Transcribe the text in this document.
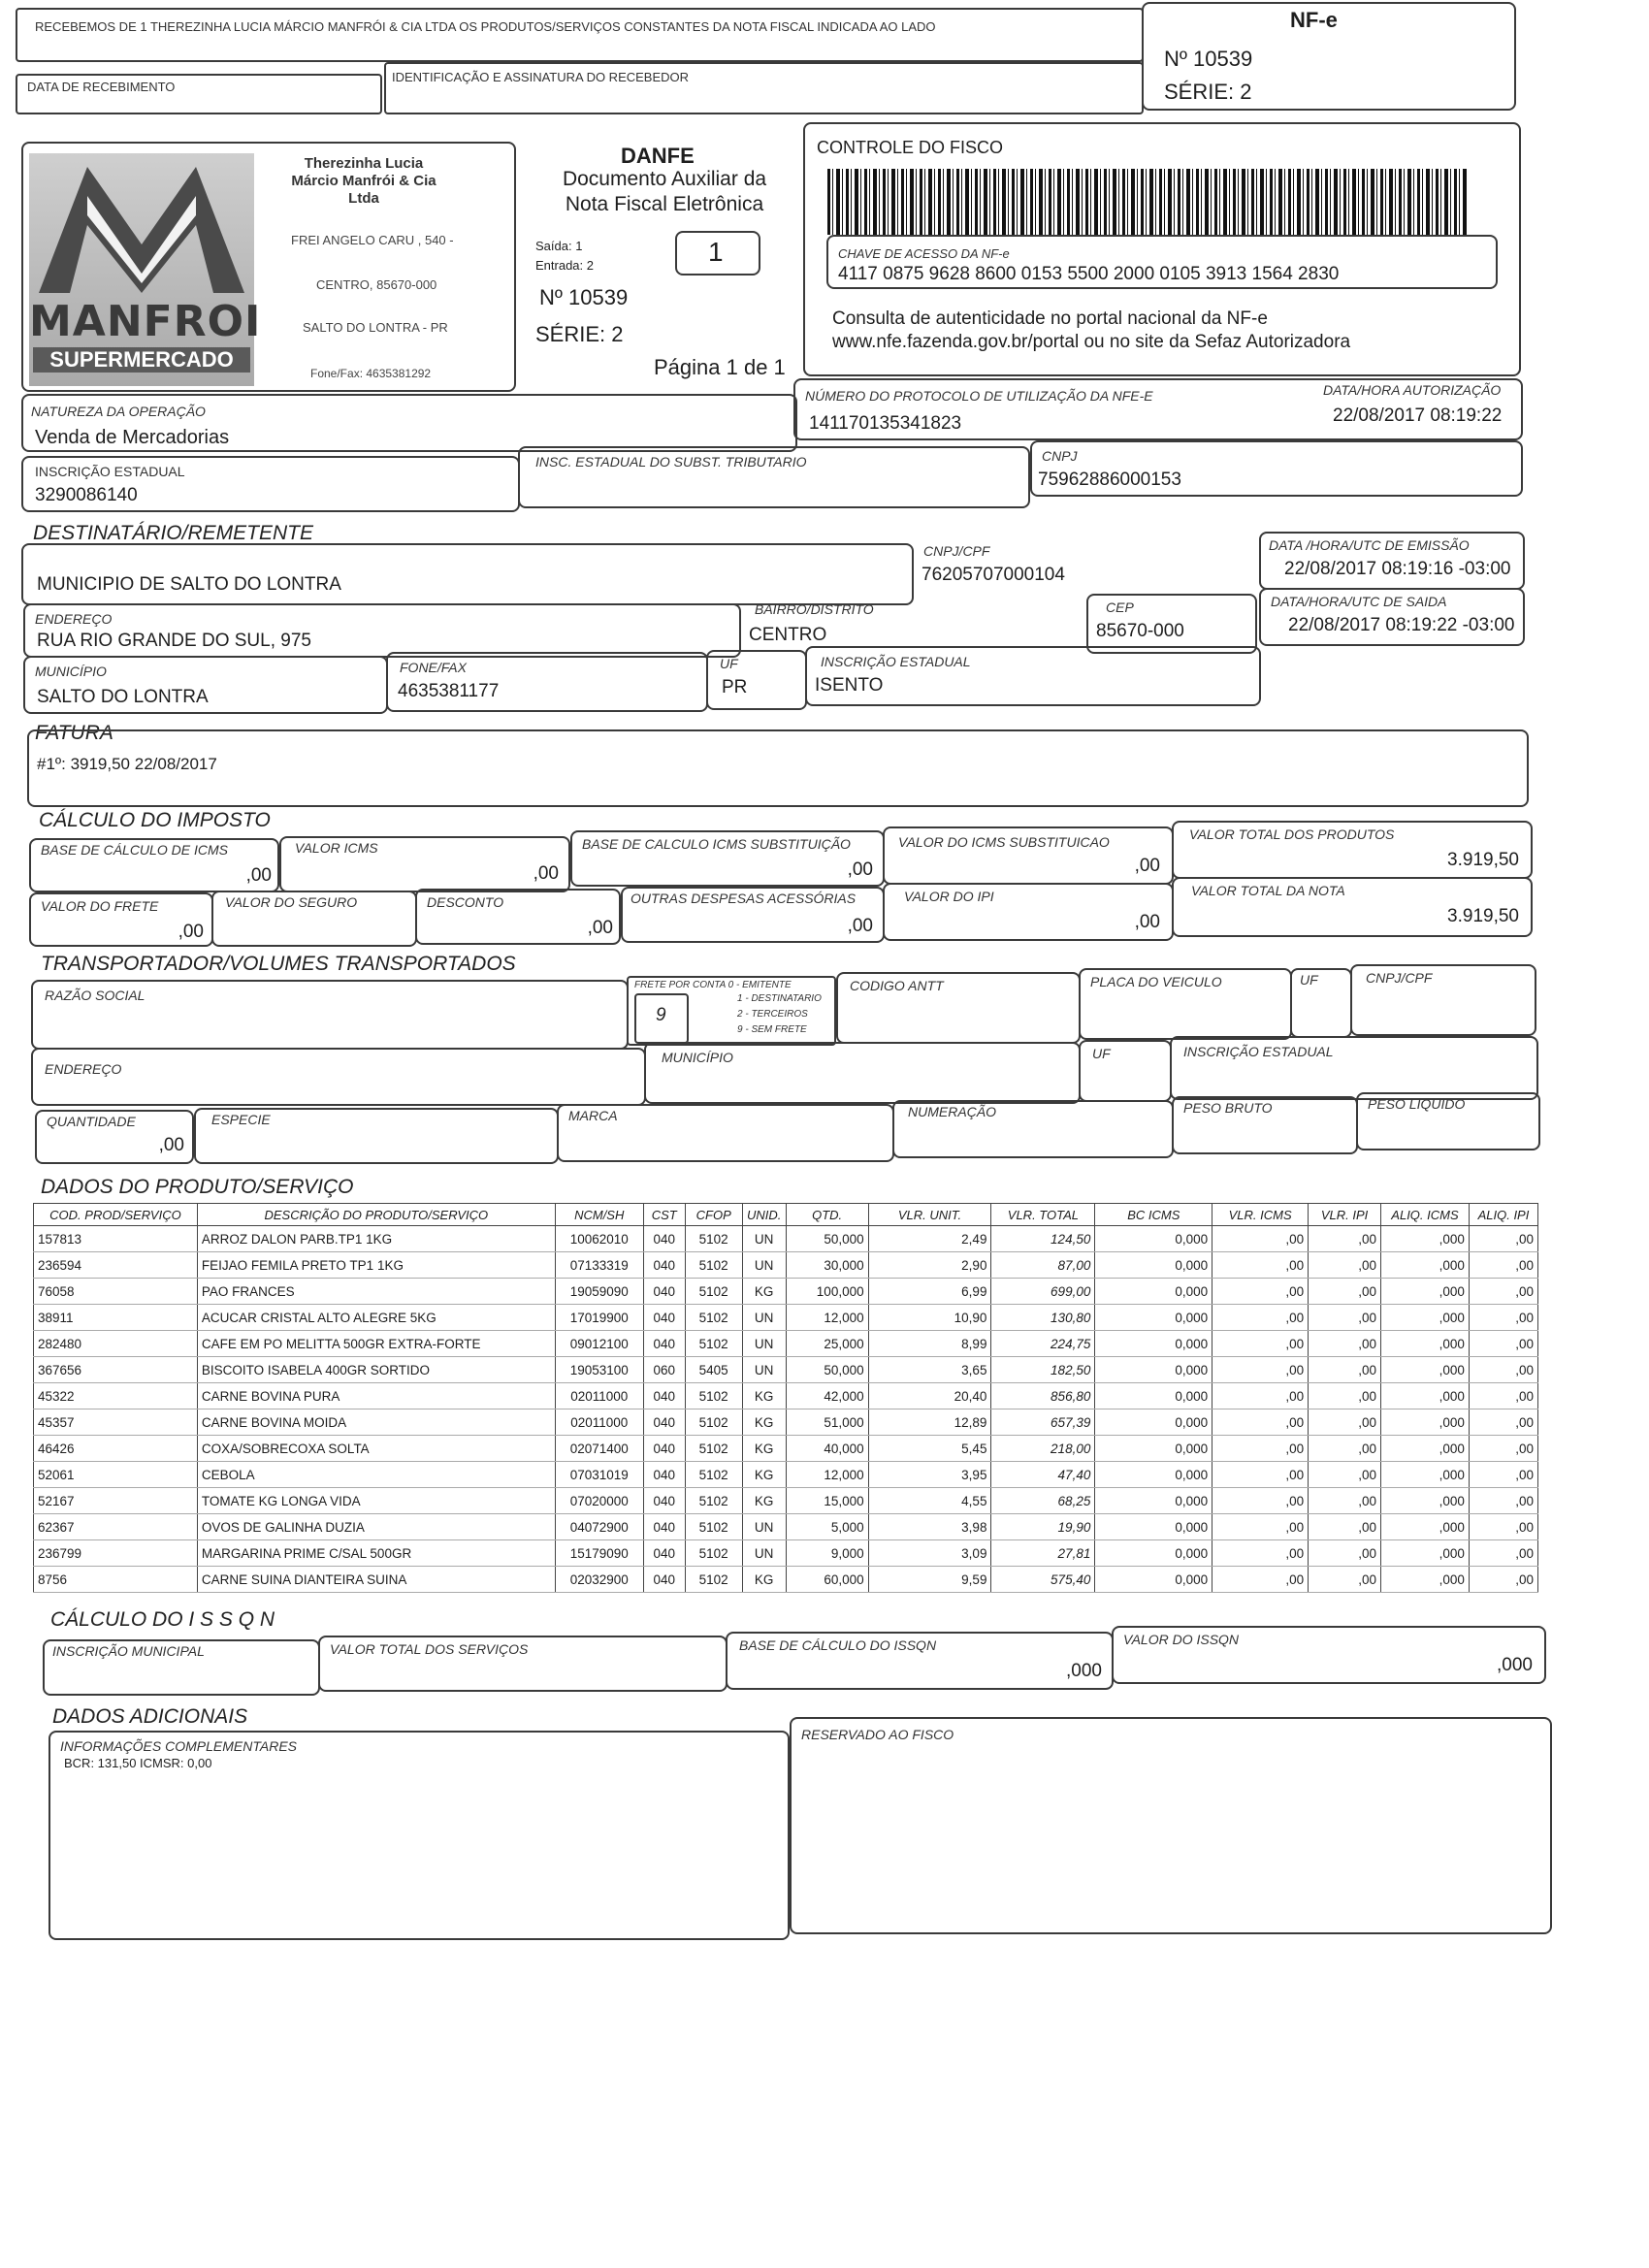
RECEBEMOS DE 1 THEREZINHA LUCIA MÁRCIO MANFRÓI & CIA LTDA OS PRODUTOS/SERVIÇOS CONSTANTES DA NOTA FISCAL INDICADA AO LADO
DATA DE RECEBIMENTO
IDENTIFICAÇÃO E ASSINATURA DO RECEBEDOR
NF-e
Nº 10539
SÉRIE: 2
MANFROI
SUPERMERCADO
Therezinha Lucia Márcio Manfrói & Cia Ltda
FREI ANGELO CARU , 540 -
CENTRO, 85670-000
SALTO DO LONTRA - PR
Fone/Fax: 4635381292
DANFE
Documento Auxiliar da Nota Fiscal Eletrônica
Saída: 1
Entrada: 2	1
Nº 10539
SÉRIE: 2
Página 1 de 1
CONTROLE DO FISCO
CHAVE DE ACESSO DA NF-e
4117 0875 9628 8600 0153 5500 2000 0105 3913 1564 2830
Consulta de autenticidade no portal nacional da NF-e
www.nfe.fazenda.gov.br/portal ou no site da Sefaz Autorizadora
NATUREZA DA OPERAÇÃO
Venda de Mercadorias
NÚMERO DO PROTOCOLO DE UTILIZAÇÃO DA NFE-E
141170135341823
DATA/HORA AUTORIZAÇÃO
22/08/2017 08:19:22
INSCRIÇÃO ESTADUAL
3290086140
INSC. ESTADUAL DO SUBST. TRIBUTARIO	CNPJ
75962886000153
DESTINATÁRIO/REMETENTE
MUNICIPIO DE SALTO DO LONTRA
CNPJ/CPF
76205707000104
DATA /HORA/UTC DE EMISSÃO
22/08/2017 08:19:16 -03:00
ENDEREÇO
RUA RIO GRANDE DO SUL, 975
BAIRRO/DISTRITO
CENTRO
CEP
85670-000
DATA/HORA/UTC DE SAIDA
22/08/2017 08:19:22 -03:00
MUNICÍPIO
SALTO DO LONTRA
FONE/FAX
4635381177
UF
PR
INSCRIÇÃO ESTADUAL
ISENTO
FATURA
#1º: 3919,50 22/08/2017
CÁLCULO DO IMPOSTO
BASE DE CÁLCULO DE ICMS
,00
VALOR ICMS
,00
BASE DE CALCULO ICMS SUBSTITUIÇÃO
,00
VALOR DO ICMS SUBSTITUICAO
,00
VALOR TOTAL DOS PRODUTOS
3.919,50
VALOR DO FRETE
,00
VALOR DO SEGURO	DESCONTO
,00
OUTRAS DESPESAS ACESSÓRIAS
,00
VALOR DO IPI
,00
VALOR TOTAL DA NOTA
3.919,50
TRANSPORTADOR/VOLUMES TRANSPORTADOS
RAZÃO SOCIAL
FRETE POR CONTA 0 - EMITENTE
1 - DESTINATARIO
2 - TERCEIROS
9 - SEM FRETE
9
CODIGO ANTT	PLACA DO VEICULO	UF	CNPJ/CPF
ENDEREÇO
MUNICÍPIO	UF	INSCRIÇÃO ESTADUAL
QUANTIDADE
,00
ESPECIE	MARCA	NUMERAÇÃO	PESO BRUTO	PESO LIQUIDO
DADOS DO PRODUTO/SERVIÇO
COD. PROD/SERVIÇO	DESCRIÇÃO DO PRODUTO/SERVIÇO	NCM/SH	CST	CFOP	UNID.	QTD.	VLR. UNIT.	VLR. TOTAL	BC ICMS	VLR. ICMS	VLR. IPI	ALIQ. ICMS	ALIQ. IPI
157813	ARROZ DALON PARB.TP1 1KG	10062010	040	5102	UN	50,000	2,49	124,50	0,000	,00	,00	,000	,00
236594	FEIJAO FEMILA PRETO TP1 1KG	07133319	040	5102	UN	30,000	2,90	87,00	0,000	,00	,00	,000	,00
76058	PAO FRANCES	19059090	040	5102	KG	100,000	6,99	699,00	0,000	,00	,00	,000	,00
38911	ACUCAR CRISTAL ALTO ALEGRE 5KG	17019900	040	5102	UN	12,000	10,90	130,80	0,000	,00	,00	,000	,00
282480	CAFE EM PO MELITTA 500GR EXTRA-FORTE	09012100	040	5102	UN	25,000	8,99	224,75	0,000	,00	,00	,000	,00
367656	BISCOITO ISABELA 400GR SORTIDO	19053100	060	5405	UN	50,000	3,65	182,50	0,000	,00	,00	,000	,00
45322	CARNE BOVINA PURA	02011000	040	5102	KG	42,000	20,40	856,80	0,000	,00	,00	,000	,00
45357	CARNE BOVINA MOIDA	02011000	040	5102	KG	51,000	12,89	657,39	0,000	,00	,00	,000	,00
46426	COXA/SOBRECOXA SOLTA	02071400	040	5102	KG	40,000	5,45	218,00	0,000	,00	,00	,000	,00
52061	CEBOLA	07031019	040	5102	KG	12,000	3,95	47,40	0,000	,00	,00	,000	,00
52167	TOMATE KG LONGA VIDA	07020000	040	5102	KG	15,000	4,55	68,25	0,000	,00	,00	,000	,00
62367	OVOS DE GALINHA DUZIA	04072900	040	5102	UN	5,000	3,98	19,90	0,000	,00	,00	,000	,00
236799	MARGARINA PRIME C/SAL 500GR	15179090	040	5102	UN	9,000	3,09	27,81	0,000	,00	,00	,000	,00
8756	CARNE SUINA DIANTEIRA SUINA	02032900	040	5102	KG	60,000	9,59	575,40	0,000	,00	,00	,000	,00
CÁLCULO DO I S S Q N
INSCRIÇÃO MUNICIPAL	VALOR TOTAL DOS SERVIÇOS	BASE DE CÁLCULO DO ISSQN
,000
VALOR DO ISSQN
,000
DADOS ADICIONAIS
INFORMAÇÕES COMPLEMENTARES
BCR: 131,50 ICMSR: 0,00
RESERVADO AO FISCO
